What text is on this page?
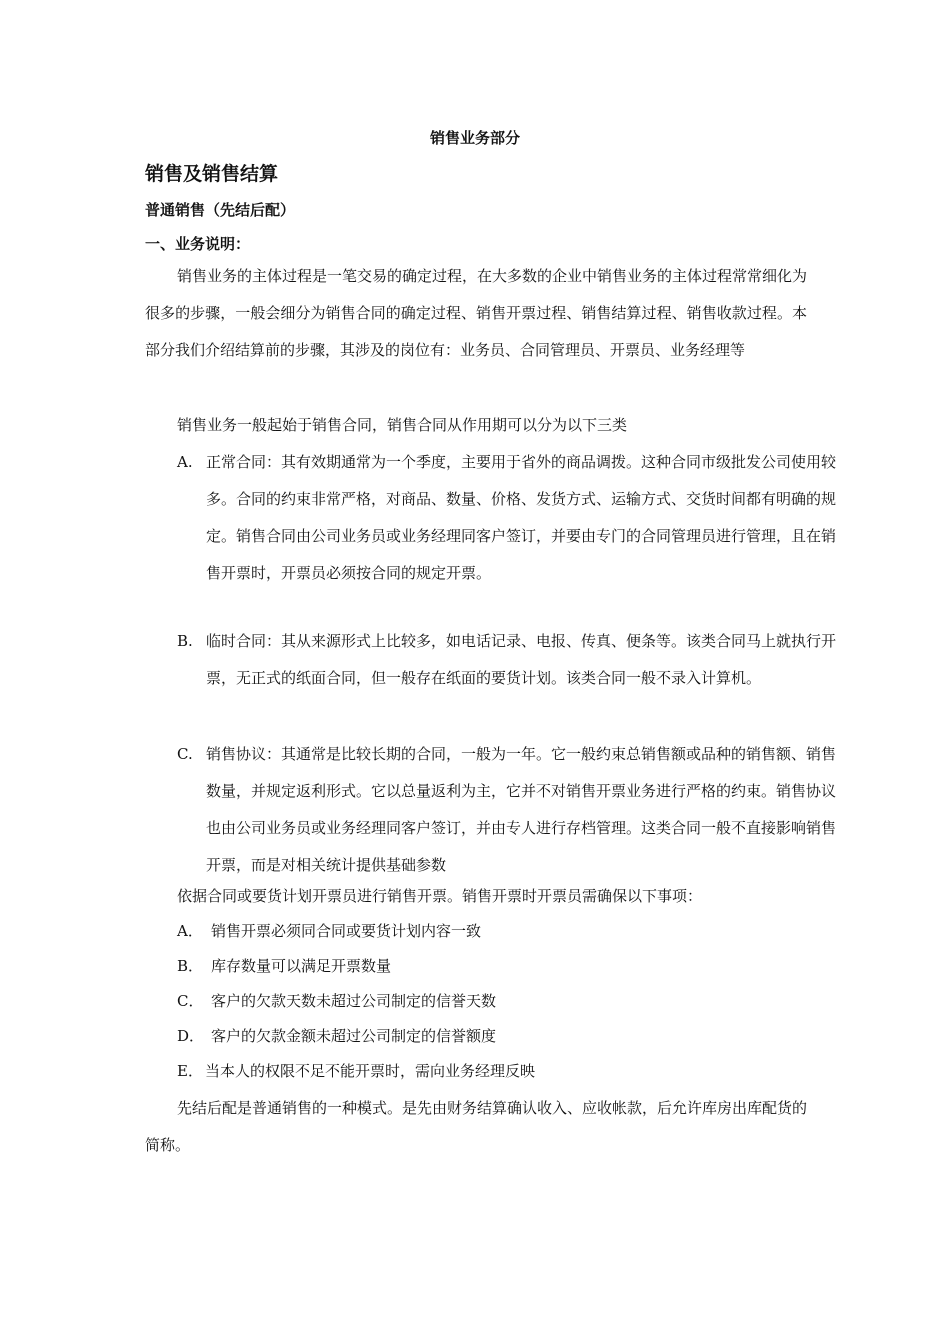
销售业务部分
销售及销售结算
普通销售（先结后配）
一、业务说明：

销售业务的主体过程是一笔交易的确定过程，在大多数的企业中销售业务的主体过程常常细化为很多的步骤，一般会细分为销售合同的确定过程、销售开票过程、销售结算过程、销售收款过程。本部分我们介绍结算前的步骤，其涉及的岗位有：业务员、合同管理员、开票员、业务经理等

销售业务一般起始于销售合同，销售合同从作用期可以分为以下三类

A. 正常合同：其有效期通常为一个季度，主要用于省外的商品调拨。这种合同市级批发公司使用较多。合同的约束非常严格，对商品、数量、价格、发货方式、运输方式、交货时间都有明确的规定。销售合同由公司业务员或业务经理同客户签订，并要由专门的合同管理员进行管理，且在销售开票时，开票员必须按合同的规定开票。

B. 临时合同：其从来源形式上比较多，如电话记录、电报、传真、便条等。该类合同马上就执行开票，无正式的纸面合同，但一般存在纸面的要货计划。该类合同一般不录入计算机。

C. 销售协议：其通常是比较长期的合同，一般为一年。它一般约束总销售额或品种的销售额、销售数量，并规定返利形式。它以总量返利为主，它并不对销售开票业务进行严格的约束。销售协议也由公司业务员或业务经理同客户签订，并由专人进行存档管理。这类合同一般不直接影响销售开票，而是对相关统计提供基础参数

依据合同或要货计划开票员进行销售开票。销售开票时开票员需确保以下事项：

A． 销售开票必须同合同或要货计划内容一致

B． 库存数量可以满足开票数量

C． 客户的欠款天数未超过公司制定的信誉天数

D． 客户的欠款金额未超过公司制定的信誉额度

E． 当本人的权限不足不能开票时，需向业务经理反映

先结后配是普通销售的一种模式。是先由财务结算确认收入、应收帐款，后允许库房出库配货的简称。
